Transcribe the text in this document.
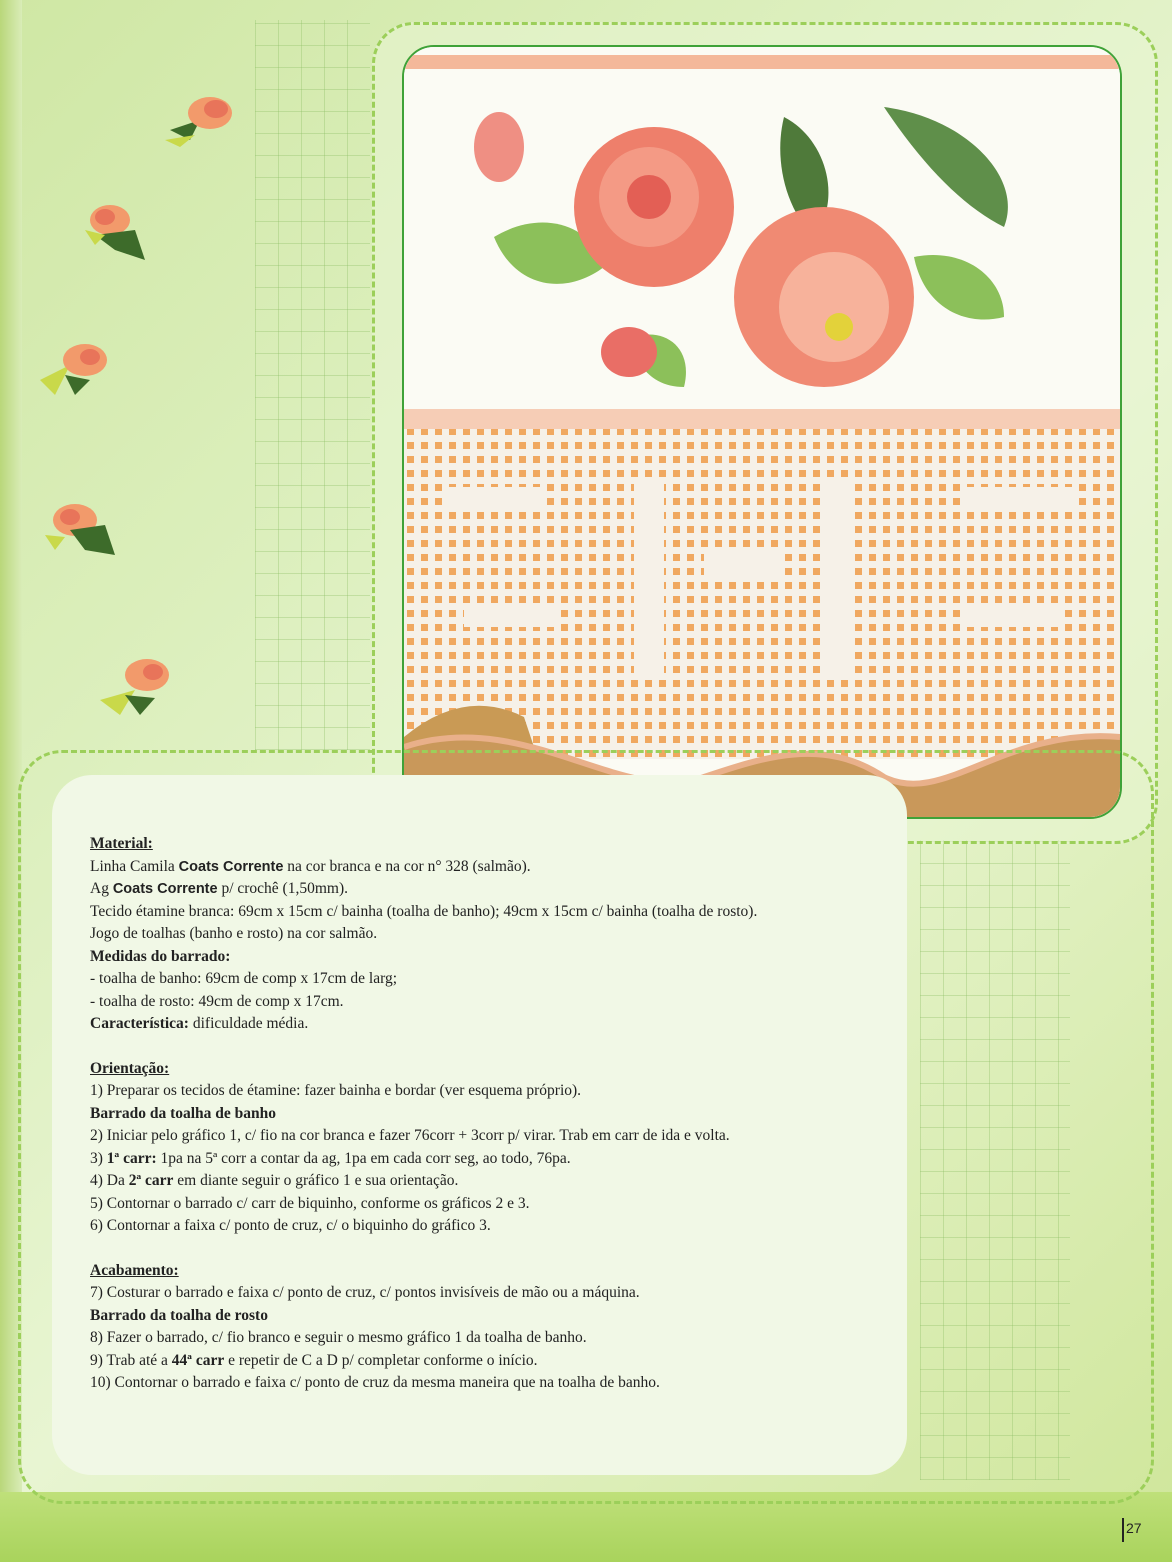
Material:

Linha Camila Coats Corrente na cor branca e na cor n° 328 (salmão).

Ag Coats Corrente p/ crochê (1,50mm).

Tecido étamine branca: 69cm x 15cm c/ bainha (toalha de banho); 49cm x 15cm c/ bainha (toalha de rosto).

Jogo de toalhas (banho e rosto) na cor salmão.

Medidas do barrado:

- toalha de banho: 69cm de comp x 17cm de larg;

- toalha de rosto: 49cm de comp x 17cm.

Característica: dificuldade média.

Orientação:

1) Preparar os tecidos de étamine: fazer bainha e bordar (ver esquema próprio).

Barrado da toalha de banho

2) Iniciar pelo gráfico 1, c/ fio na cor branca e fazer 76corr + 3corr p/ virar. Trab em carr de ida e volta.

3) 1ª carr: 1pa na 5ª corr a contar da ag, 1pa em cada corr seg, ao todo, 76pa.

4) Da 2ª carr em diante seguir o gráfico 1 e sua orientação.

5) Contornar o barrado c/ carr de biquinho, conforme os gráficos 2 e 3.

6) Contornar a faixa c/ ponto de cruz, c/ o biquinho do gráfico 3.

Acabamento:

7) Costurar o barrado e faixa c/ ponto de cruz, c/ pontos invisíveis de mão ou a máquina.

Barrado da toalha de rosto

8) Fazer o barrado, c/ fio branco e seguir o mesmo gráfico 1 da toalha de banho.

9) Trab até a 44ª carr e repetir de C a D p/ completar conforme o início.

10) Contornar o barrado e faixa c/ ponto de cruz da mesma maneira que na toalha de banho.

27
